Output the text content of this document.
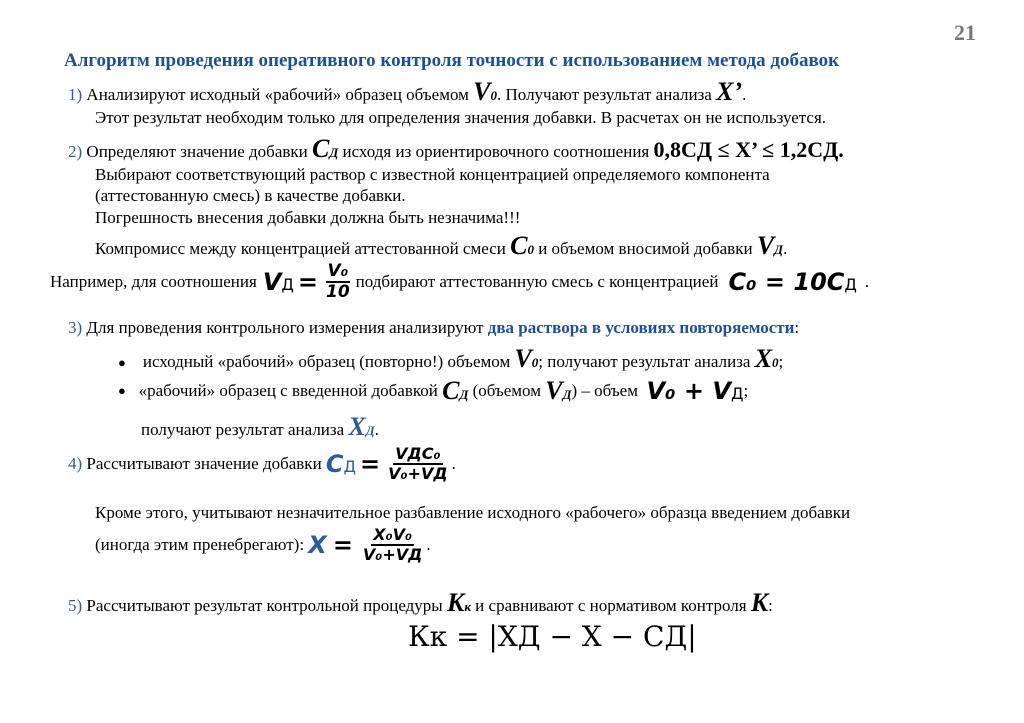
21
Алгоритм проведения оперативного контроля точности с использованием метода добавок
1) Анализируют исходный «рабочий» образец объемом V0. Получают результат анализа X’.
Этот результат необходим только для определения значения добавки. В расчетах он не используется.
2) Определяют значение добавки CД исходя из ориентировочного соотношения 0,8CД ≤ X’ ≤ 1,2CД.
Выбирают соответствующий раствор с известной концентрацией определяемого компонента
(аттестованную смесь) в качестве добавки.
Погрешность внесения добавки должна быть незначима!!!
Компромисс между концентрацией аттестованной смеси C0 и объемом вносимой добавки VД.
Например, для соотношения VД = $\frac{\text{V₀}}{10}$ подбирают аттестованную смесь с концентрацией C₀ = 10CД .
3) Для проведения контрольного измерения анализируют два раствора в условиях повторяемости:
● исходный «рабочий» образец (повторно!) объемом V0; получают результат анализа X0;
●
«рабочий» образец с введенной добавкой
CД
(объемом
VД ) – объем
V₀ + VД ;
получают результат анализа XД.
4)
Рассчитывают значение добавки
CД = $\frac{\text{VДC₀}}{\text{V₀+VД}}$ .
Кроме этого, учитывают незначительное разбавление исходного «рабочего» образца введением добавки
(иногда этим пренебрегают):
$X = \frac{\text{X₀V₀}}{\text{V₀+VД}}$ .
5) Рассчитывают результат контрольной процедуры Kк и сравнивают с нормативом контроля K:
Кк = |ХД − Х − СД|
